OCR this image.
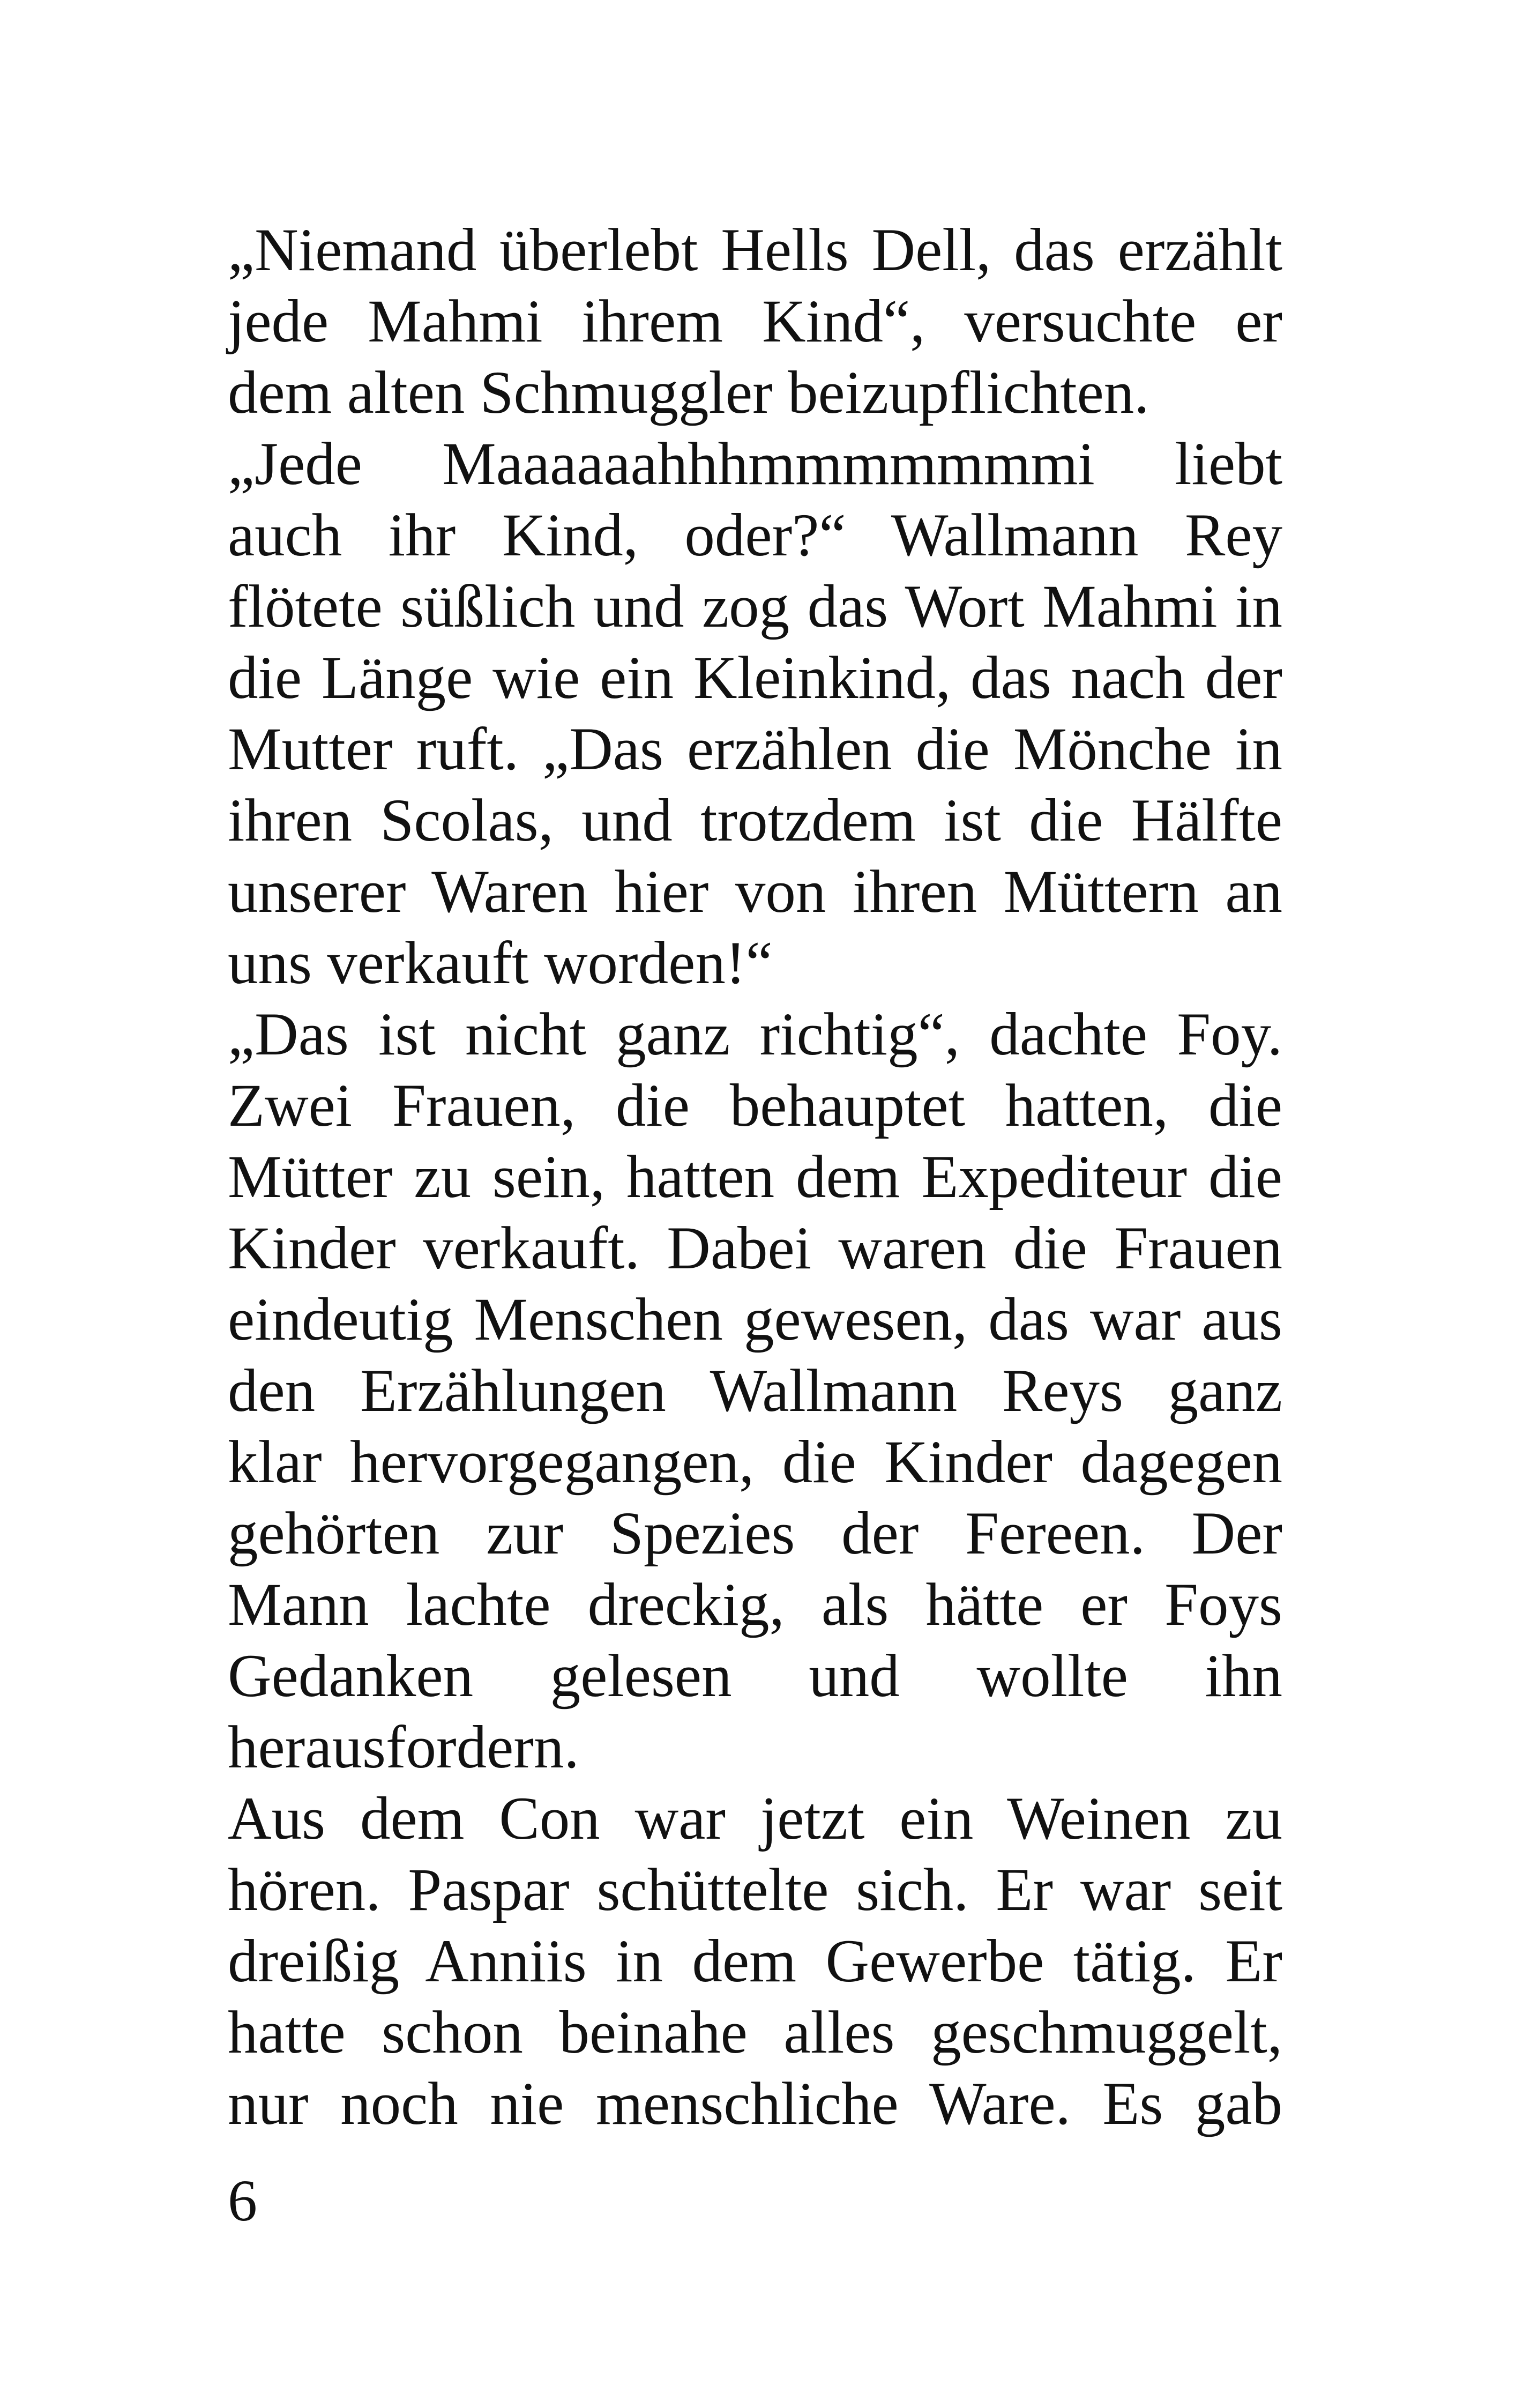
„Niemand überlebt Hells Dell, das erzählt
jede Mahmi ihrem Kind“, versuchte er
dem alten Schmuggler beizupflichten.
„Jede Maaaaaahhhmmmmmmmi liebt
auch ihr Kind, oder?“ Wallmann Rey
flötete süßlich und zog das Wort Mahmi in
die Länge wie ein Kleinkind, das nach der
Mutter ruft. „Das erzählen die Mönche in
ihren Scolas, und trotzdem ist die Hälfte
unserer Waren hier von ihren Müttern an
uns verkauft worden!“
„Das ist nicht ganz richtig“, dachte Foy.
Zwei Frauen, die behauptet hatten, die
Mütter zu sein, hatten dem Expediteur die
Kinder verkauft. Dabei waren die Frauen
eindeutig Menschen gewesen, das war aus
den Erzählungen Wallmann Reys ganz
klar hervorgegangen, die Kinder dagegen
gehörten zur Spezies der Fereen. Der
Mann lachte dreckig, als hätte er Foys
Gedanken gelesen und wollte ihn
herausfordern.
Aus dem Con war jetzt ein Weinen zu
hören. Paspar schüttelte sich. Er war seit
dreißig Anniis in dem Gewerbe tätig. Er
hatte schon beinahe alles geschmuggelt,
nur noch nie menschliche Ware. Es gab
6
